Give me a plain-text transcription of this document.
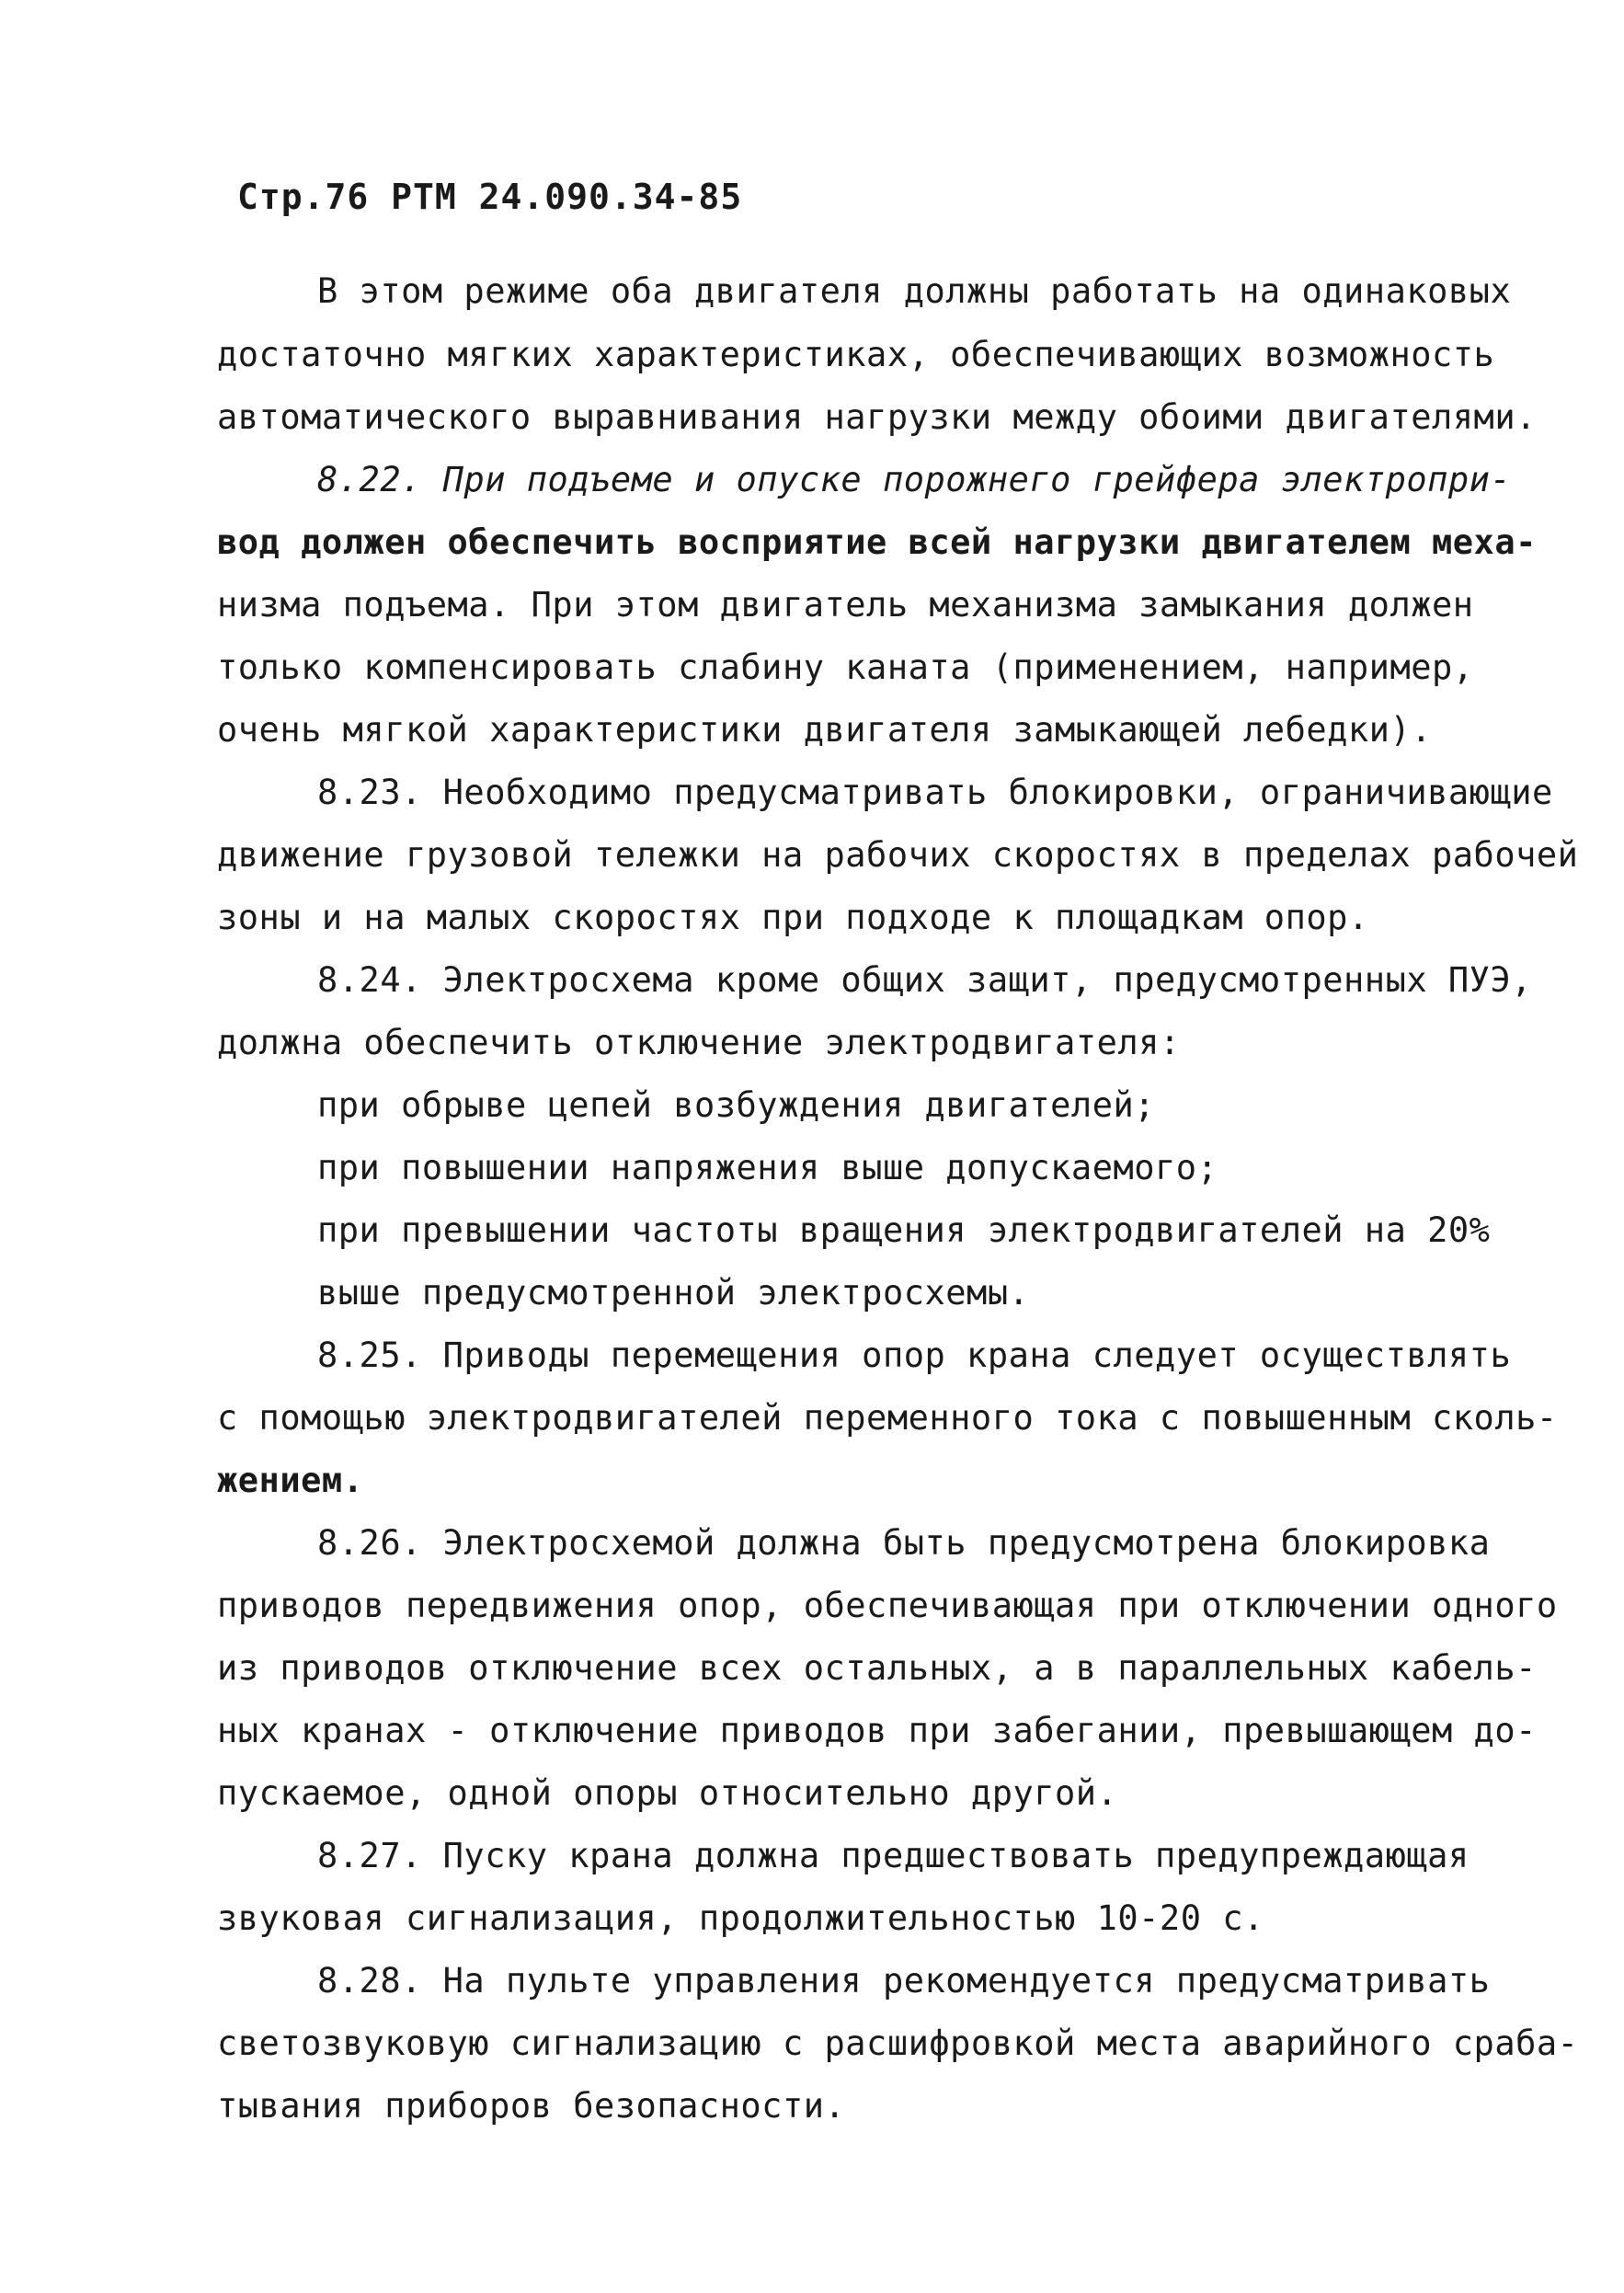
Стр.76 РТМ 24.090.34-85
В этом режиме оба двигателя должны работать на одинаковых
достаточно мягких характеристиках, обеспечивающих возможность
автоматического выравнивания нагрузки между обоими двигателями.
8.22. При подъеме и опуске порожнего грейфера электропри-
вод должен обеспечить восприятие всей нагрузки двигателем меха-
низма подъема. При этом двигатель механизма замыкания должен
только компенсировать слабину каната (применением, например,
очень мягкой характеристики двигателя замыкающей лебедки).
8.23. Необходимо предусматривать блокировки, ограничивающие
движение грузовой тележки на рабочих скоростях в пределах рабочей
зоны и на малых скоростях при подходе к площадкам опор.
8.24. Электросхема кроме общих защит, предусмотренных ПУЭ,
должна обеспечить отключение электродвигателя:
при обрыве цепей возбуждения двигателей;
при повышении напряжения выше допускаемого;
при превышении частоты вращения электродвигателей на 20%
выше предусмотренной электросхемы.
8.25. Приводы перемещения опор крана следует осуществлять
с помощью электродвигателей переменного тока с повышенным сколь-
жением.
8.26. Электросхемой должна быть предусмотрена блокировка
приводов передвижения опор, обеспечивающая при отключении одного
из приводов отключение всех остальных, а в параллельных кабель-
ных кранах - отключение приводов при забегании, превышающем до-
пускаемое, одной опоры относительно другой.
8.27. Пуску крана должна предшествовать предупреждающая
звуковая сигнализация, продолжительностью 10-20 с.
8.28. На пульте управления рекомендуется предусматривать
светозвуковую сигнализацию с расшифровкой места аварийного сраба-
тывания приборов безопасности.
